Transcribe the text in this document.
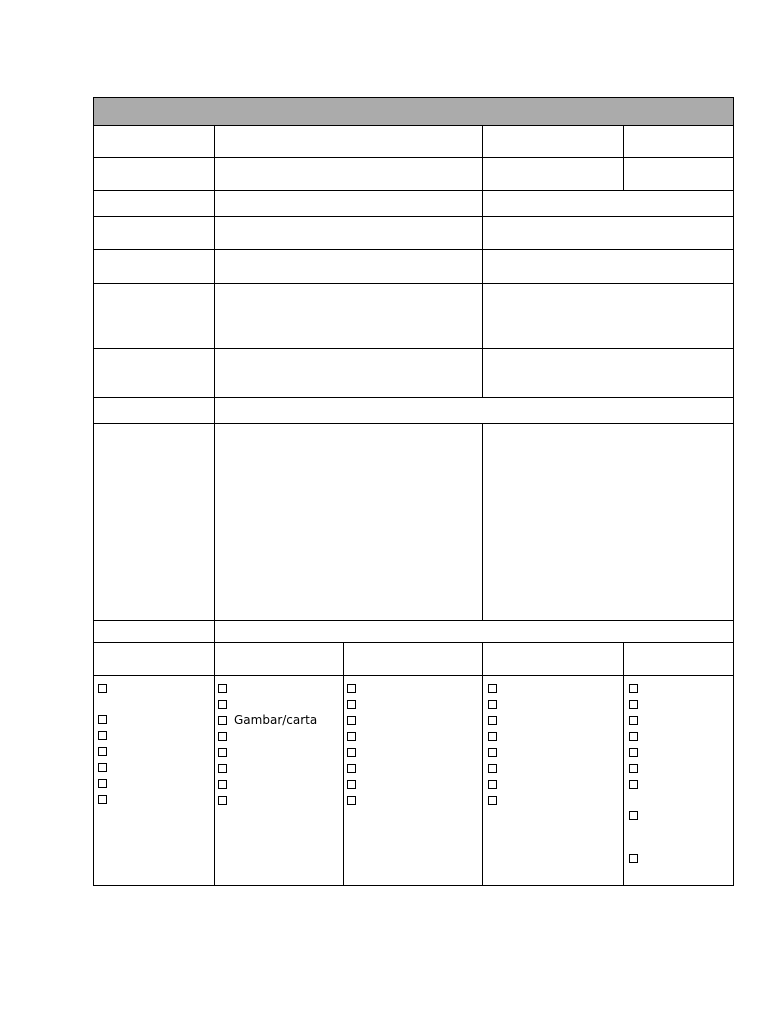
Gambar/carta
